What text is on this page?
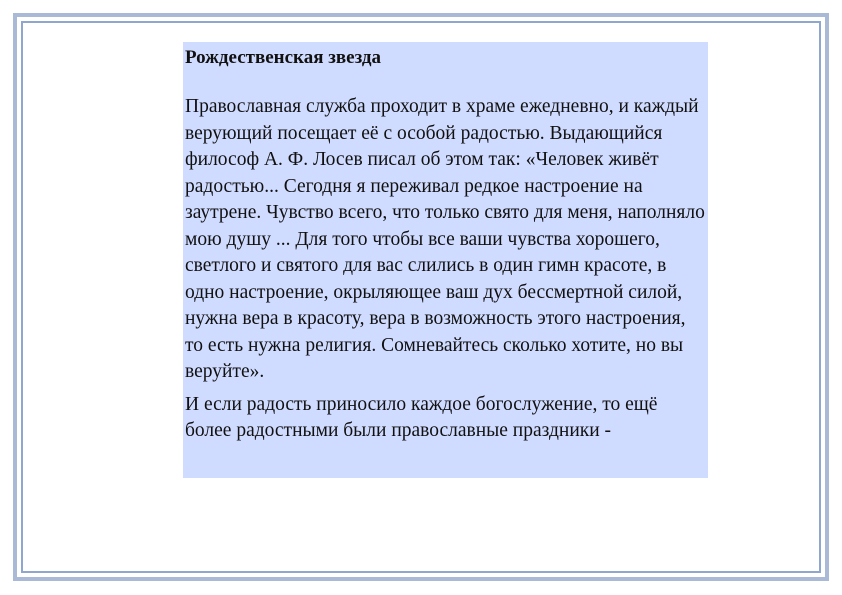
Рождественская звезда

Православная служба проходит в храме ежедневно, и каждый верующий посещает её с особой радостью. Выдающийся философ А. Ф. Лосев писал об этом так: «Человек живёт радостью... Сегодня я переживал редкое настроение на заутрене. Чувство всего, что только свято для меня, наполняло мою душу ... Для того чтобы все ваши чувства хорошего, светлого и святого для вас слились в один гимн красоте, в одно настроение, окрыляющее ваш дух бессмертной силой, нужна вера в красоту, вера в возможность этого настроения, то есть нужна религия. Сомневайтесь сколько хотите, но вы веруйте».

И если радость приносило каждое богослужение, то ещё более радостными были православные праздники -
